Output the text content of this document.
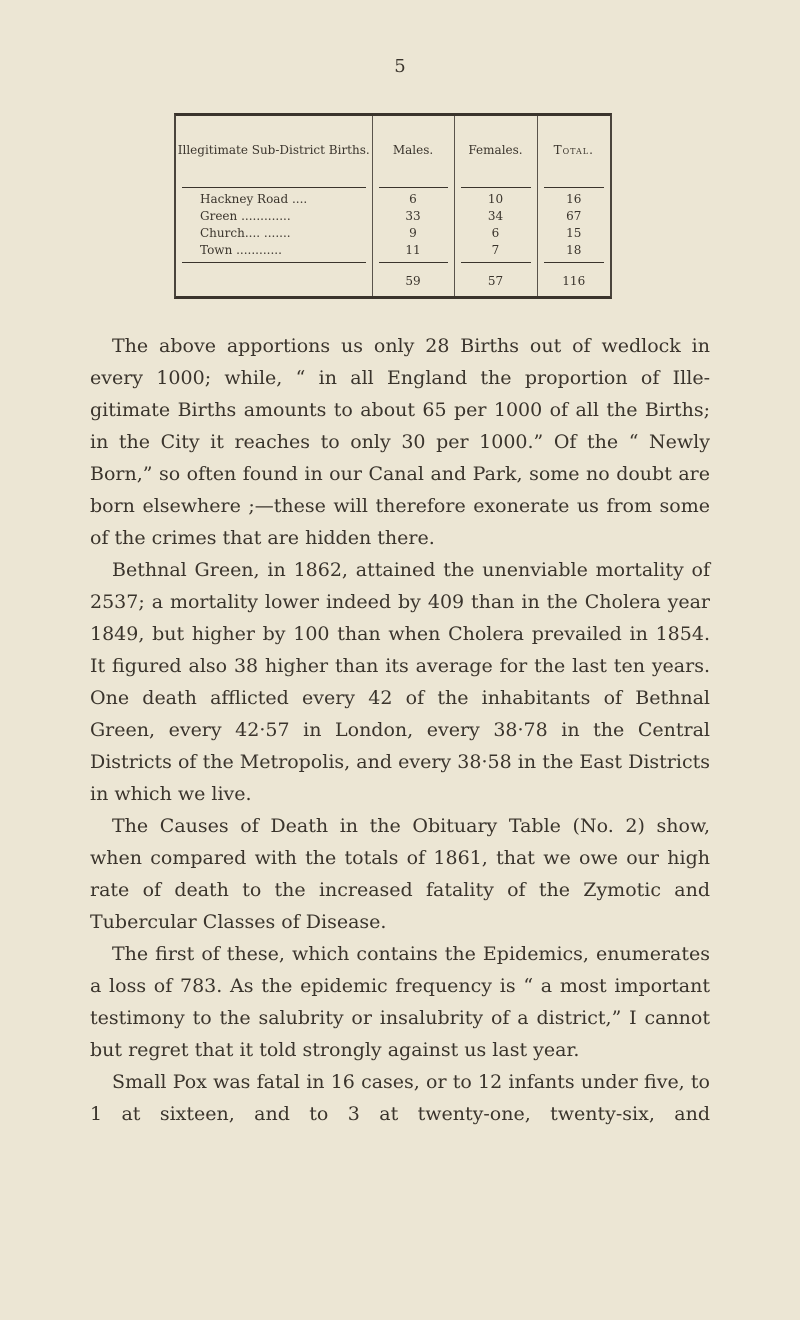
5
Illegitimate Sub-District Births.	Males.	Females.	Total.

Hackney Road ....	6	10	16
Green .............	33	34	67
Church.... .......	9	6	15
Town ............	11	7	18

	59	57	116

The above apportions us only 28 Births out of wedlock in every 1000; while, “ in all England the proportion of Illegitimate Births amounts to about 65 per 1000 of all the Births; in the City it reaches to only 30 per 1000.” Of the “ Newly Born,” so often found in our Canal and Park, some no doubt are born elsewhere ;—these will therefore exonerate us from some of the crimes that are hidden there.

Bethnal Green, in 1862, attained the unenviable mortality of 2537; a mortality lower indeed by 409 than in the Cholera year 1849, but higher by 100 than when Cholera prevailed in 1854. It figured also 38 higher than its average for the last ten years. One death afflicted every 42 of the inhabitants of Bethnal Green, every 42·57 in London, every 38·78 in the Central Districts of the Metropolis, and every 38·58 in the East Districts in which we live.

The Causes of Death in the Obituary Table (No. 2) show, when compared with the totals of 1861, that we owe our high rate of death to the increased fatality of the Zymotic and Tubercular Classes of Disease.

The first of these, which contains the Epidemics, enumerates a loss of 783. As the epidemic frequency is “ a most important testimony to the salubrity or insalubrity of a district,” I cannot but regret that it told strongly against us last year.

Small Pox was fatal in 16 cases, or to 12 infants under five, to 1 at sixteen, and to 3 at twenty-one, twenty-six, and
